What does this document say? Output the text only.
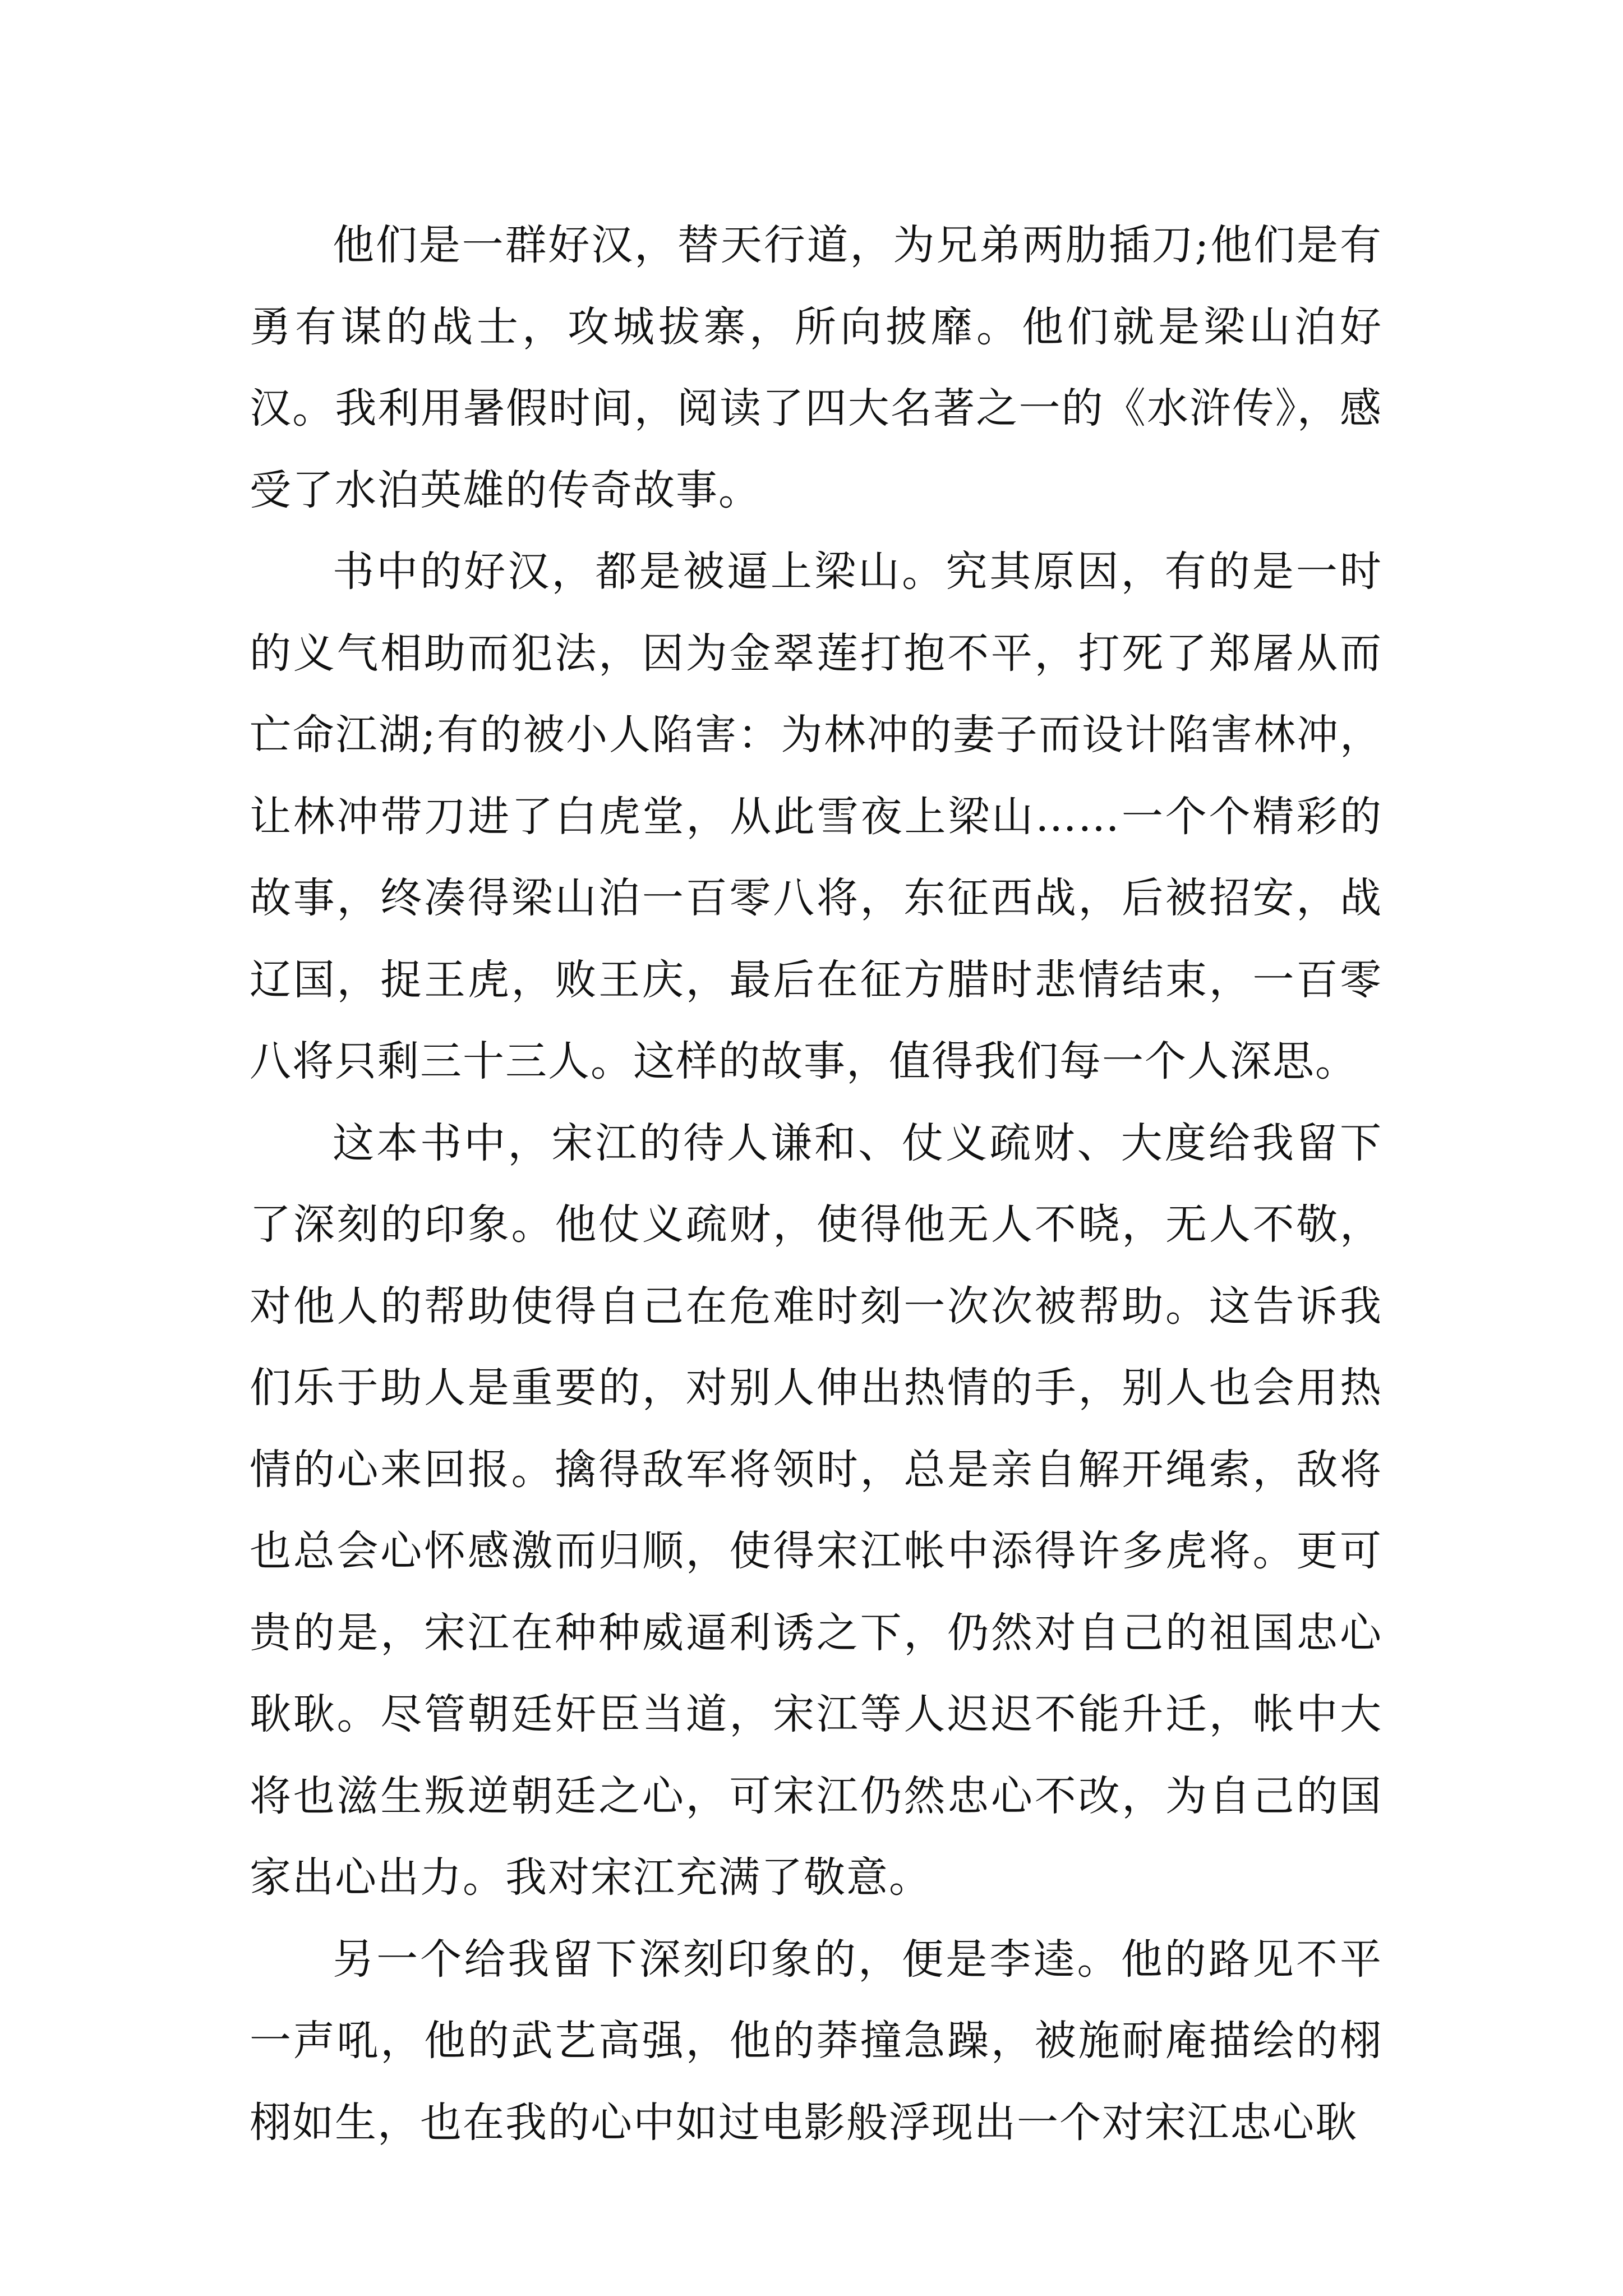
他们是一群好汉，替天行道，为兄弟两肋插刀;他们是有勇有谋的战士，攻城拔寨，所向披靡。他们就是梁山泊好汉。我利用暑假时间，阅读了四大名著之一的《水浒传》，感受了水泊英雄的传奇故事。

书中的好汉，都是被逼上梁山。究其原因，有的是一时的义气相助而犯法，因为金翠莲打抱不平，打死了郑屠从而亡命江湖;有的被小人陷害：为林冲的妻子而设计陷害林冲，让林冲带刀进了白虎堂，从此雪夜上梁山……一个个精彩的故事，终凑得梁山泊一百零八将，东征西战，后被招安，战辽国，捉王虎，败王庆，最后在征方腊时悲情结束，一百零八将只剩三十三人。这样的故事，值得我们每一个人深思。

这本书中，宋江的待人谦和、仗义疏财、大度给我留下了深刻的印象。他仗义疏财，使得他无人不晓，无人不敬，对他人的帮助使得自己在危难时刻一次次被帮助。这告诉我们乐于助人是重要的，对别人伸出热情的手，别人也会用热情的心来回报。擒得敌军将领时，总是亲自解开绳索，敌将也总会心怀感激而归顺，使得宋江帐中添得许多虎将。更可贵的是，宋江在种种威逼利诱之下，仍然对自己的祖国忠心耿耿。尽管朝廷奸臣当道，宋江等人迟迟不能升迁，帐中大将也滋生叛逆朝廷之心，可宋江仍然忠心不改，为自己的国家出心出力。我对宋江充满了敬意。

另一个给我留下深刻印象的，便是李逵。他的路见不平一声吼，他的武艺高强，他的莽撞急躁，被施耐庵描绘的栩栩如生，也在我的心中如过电影般浮现出一个对宋江忠心耿
